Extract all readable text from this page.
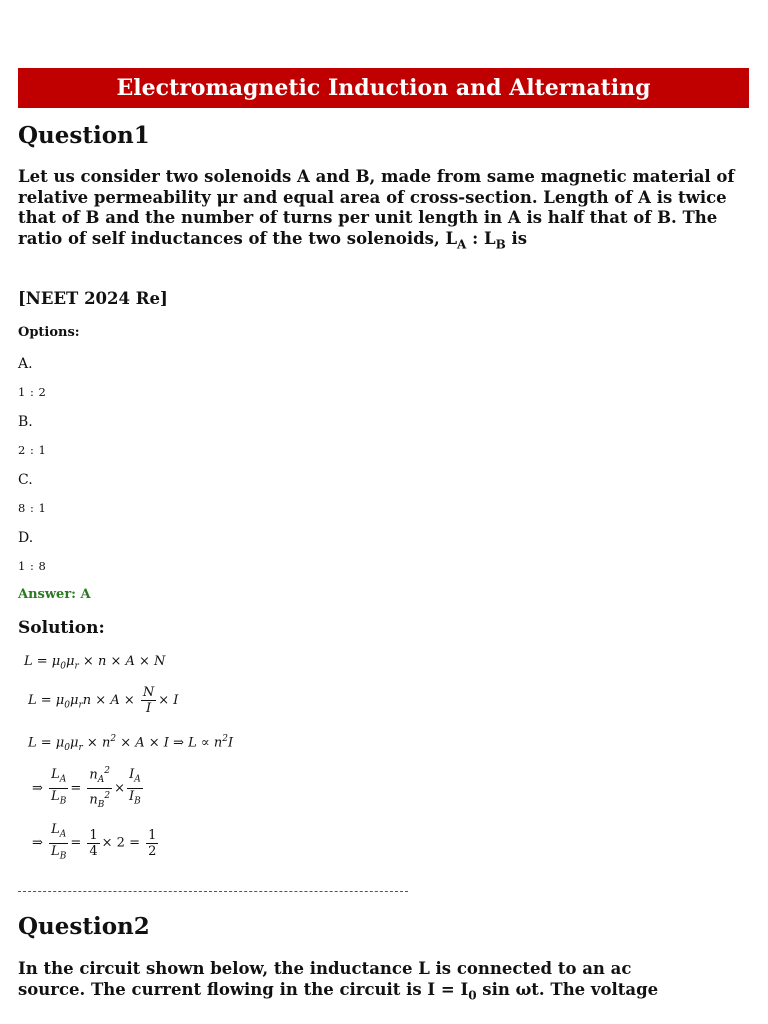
Electromagnetic Induction and Alternating
Question1
Let us consider two solenoids A and B, made from same magnetic material of relative permeability μr and equal area of cross-section. Length of A is twice that of B and the number of turns per unit length in A is half that of B. The ratio of self inductances of the two solenoids, $L_A$ : $L_B$ is
[NEET 2024 Re]
Options:
A.
1 : 2
B.
2 : 1
C.
8 : 1
D.
1 : 8
Answer: A
Solution:
$L = \mu_0\mu_r \times n \times A \times N$
$L = \mu_0\mu_rn \times A \times \frac{N}{I} \times I$
$L = \mu_0\mu_r \times n^2 \times A \times I$ ⇒ $L \propto n^2I$
⇒ $\frac{L_A}{L_B} = \frac{n_A^2}{n_B^2} \times \frac{I_A}{I_B}$
⇒ $\frac{L_A}{L_B} = \frac{1}{4} \times 2 = \frac{1}{2}$
Question2
In the circuit shown below, the inductance L is connected to an ac
source. The current flowing in the circuit is $I = I_0$ sin ωt. The voltage
